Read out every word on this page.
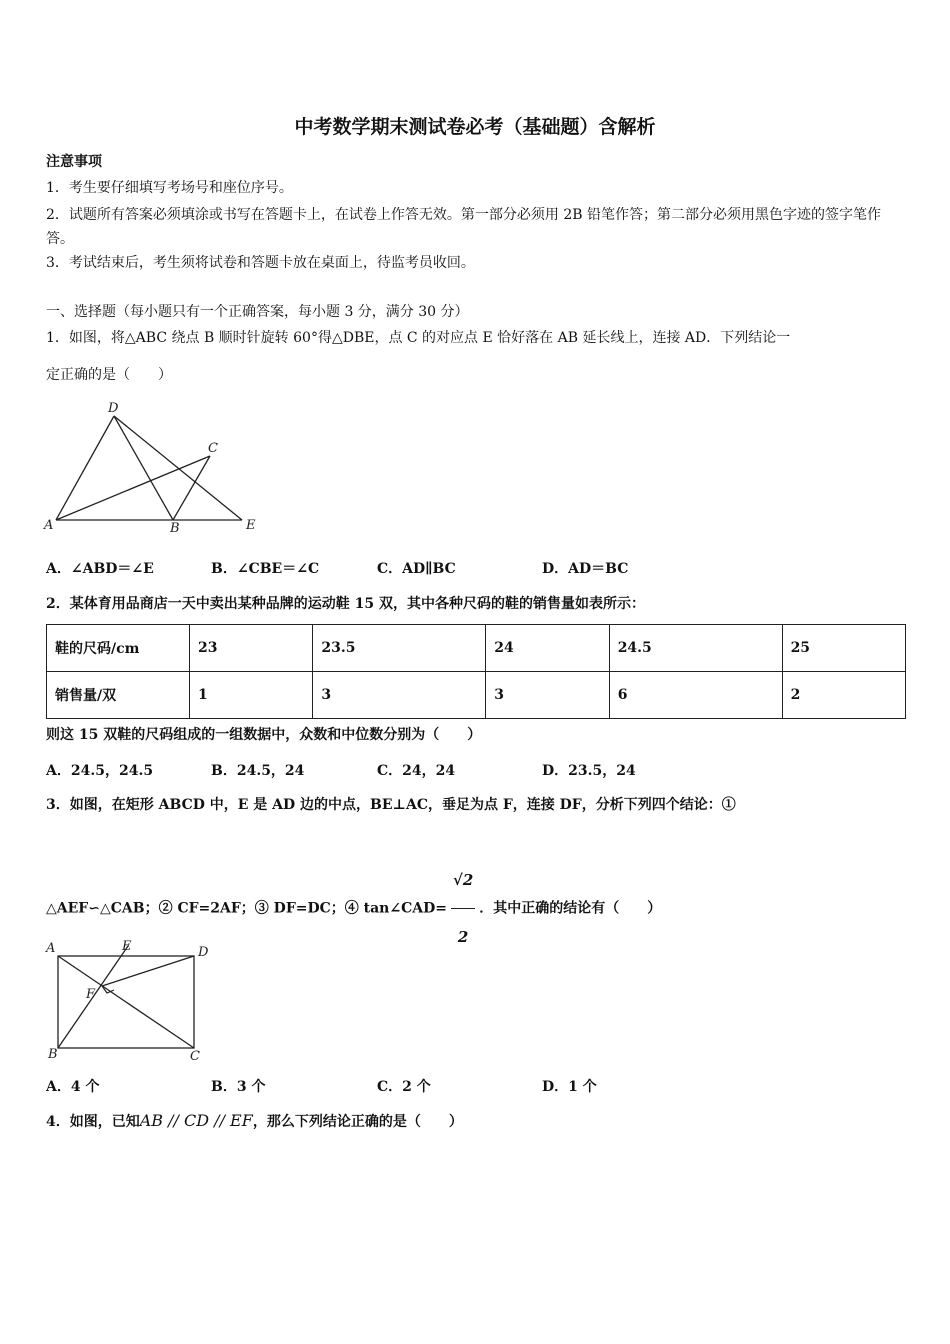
中考数学期末测试卷必考（基础题）含解析
注意事项
1．考生要仔细填写考场号和座位序号。
2．试题所有答案必须填涂或书写在答题卡上，在试卷上作答无效。第一部分必须用 2B 铅笔作答；第二部分必须用黑色字迹的签字笔作答。
3．考试结束后，考生须将试卷和答题卡放在桌面上，待监考员收回。
一、选择题（每小题只有一个正确答案，每小题 3 分，满分 30 分）
1．如图，将△ABC 绕点 B 顺时针旋转 60°得△DBE，点 C 的对应点 E 恰好落在 AB 延长线上，连接 AD．下列结论一
定正确的是（　　）
D
C
A	B	E
A．∠ABD＝∠E	B．∠CBE＝∠C	C．AD∥BC	D．AD＝BC
2．某体育用品商店一天中卖出某种品牌的运动鞋 15 双，其中各种尺码的鞋的销售量如表所示：
鞋的尺码/cm	23	23.5	24	24.5	25
销售量/双	1	3	3	6	2
则这 15 双鞋的尺码组成的一组数据中，众数和中位数分别为（　　）
A．24.5，24.5	B．24.5，24	C．24，24	D．23.5，24
3．如图，在矩形 ABCD 中，E 是 AD 边的中点，BE⊥AC，垂足为点 F，连接 DF，分析下列四个结论：①
△AEF∽△CAB；② CF=2AF；③ DF=DC；④ tan∠CAD= $\frac{√2}{2}$ ．其中正确的结论有（　　）
A	E	D
F
B	C
A．4 个	B．3 个	C．2 个	D．1 个
4．如图，已知AB // CD // EF，那么下列结论正确的是（　　）
